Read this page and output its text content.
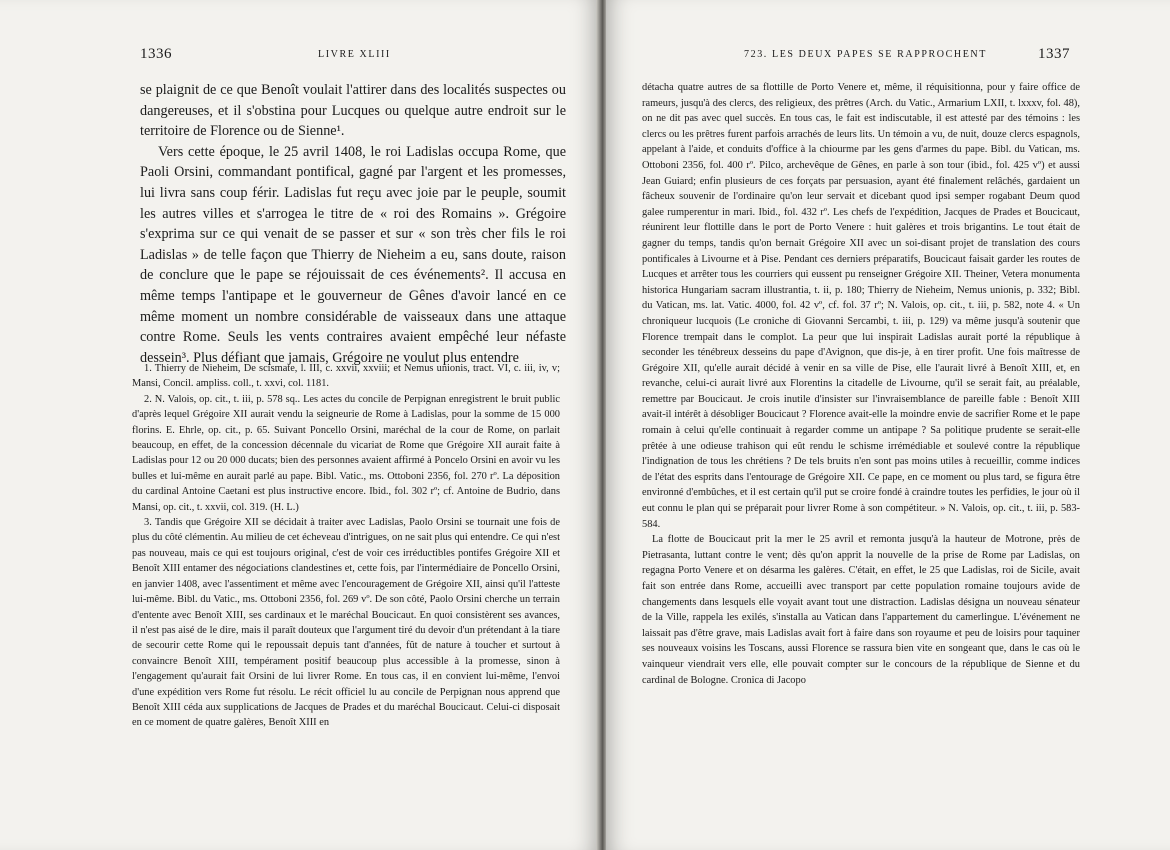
1336	LIVRE XLIII

se plaignit de ce que Benoît voulait l'attirer dans des localités suspectes ou dangereuses, et il s'obstina pour Lucques ou quelque autre endroit sur le territoire de Florence ou de Sienne¹.

Vers cette époque, le 25 avril 1408, le roi Ladislas occupa Rome, que Paoli Orsini, commandant pontifical, gagné par l'argent et les promesses, lui livra sans coup férir. Ladislas fut reçu avec joie par le peuple, soumit les autres villes et s'arrogea le titre de « roi des Romains ». Grégoire s'exprima sur ce qui venait de se passer et sur « son très cher fils le roi Ladislas » de telle façon que Thierry de Nieheim a eu, sans doute, raison de conclure que le pape se réjouissait de ces événements². Il accusa en même temps l'antipape et le gouverneur de Gênes d'avoir lancé en ce même moment un nombre considérable de vaisseaux dans une attaque contre Rome. Seuls les vents contraires avaient empêché leur néfaste dessein³. Plus défiant que jamais, Grégoire ne voulut plus entendre

1. Thierry de Nieheim, De scismate, l. III, c. xxvii, xxviii; et Nemus unionis, tract. VI, c. iii, iv, v; Mansi, Concil. ampliss. coll., t. xxvi, col. 1181.

2. N. Valois, op. cit., t. iii, p. 578 sq.. Les actes du concile de Perpignan enregistrent le bruit public d'après lequel Grégoire XII aurait vendu la seigneurie de Rome à Ladislas, pour la somme de 15 000 florins. E. Ehrle, op. cit., p. 65. Suivant Poncello Orsini, maréchal de la cour de Rome, on parlait beaucoup, en effet, de la concession décennale du vicariat de Rome que Grégoire XII aurait faite à Ladislas pour 12 ou 20 000 ducats; bien des personnes avaient affirmé à Poncelo Orsini en avoir vu les bulles et lui-même en aurait parlé au pape. Bibl. Vatic., ms. Ottoboni 2356, fol. 270 rº. La déposition du cardinal Antoine Caetani est plus instructive encore. Ibid., fol. 302 rº; cf. Antoine de Budrio, dans Mansi, op. cit., t. xxvii, col. 319. (H. L.)

3. Tandis que Grégoire XII se décidait à traiter avec Ladislas, Paolo Orsini se tournait une fois de plus du côté clémentin. Au milieu de cet écheveau d'intrigues, on ne sait plus qui entendre. Ce qui n'est pas nouveau, mais ce qui est toujours original, c'est de voir ces irréductibles pontifes Grégoire XII et Benoît XIII entamer des négociations clandestines et, cette fois, par l'intermédiaire de Poncello Orsini, en janvier 1408, avec l'assentiment et même avec l'encouragement de Grégoire XII, ainsi qu'il l'atteste lui-même. Bibl. du Vatic., ms. Ottoboni 2356, fol. 269 vº. De son côté, Paolo Orsini cherche un terrain d'entente avec Benoît XIII, ses cardinaux et le maréchal Boucicaut. En quoi consistèrent ses avances, il n'est pas aisé de le dire, mais il paraît douteux que l'argument tiré du devoir d'un prétendant à la tiare de secourir cette Rome qui le repoussait depuis tant d'années, fût de nature à toucher et surtout à convaincre Benoît XIII, tempérament positif beaucoup plus accessible à la promesse, sinon à l'engagement qu'aurait fait Orsini de lui livrer Rome. En tous cas, il en convient lui-même, l'envoi d'une expédition vers Rome fut résolu. Le récit officiel lu au concile de Perpignan nous apprend que Benoît XIII céda aux supplications de Jacques de Prades et du maréchal Boucicaut. Celui-ci disposait en ce moment de quatre galères, Benoît XIII en

723. LES DEUX PAPES SE RAPPROCHENT	1337

détacha quatre autres de sa flottille de Porto Venere et, même, il réquisitionna, pour y faire office de rameurs, jusqu'à des clercs, des religieux, des prêtres (Arch. du Vatic., Armarium LXII, t. lxxxv, fol. 48), on ne dit pas avec quel succès. En tous cas, le fait est indiscutable, il est attesté par des témoins : les clercs ou les prêtres furent parfois arrachés de leurs lits. Un témoin a vu, de nuit, douze clercs espagnols, appelant à l'aide, et conduits d'office à la chiourme par les gens d'armes du pape. Bibl. du Vatican, ms. Ottoboni 2356, fol. 400 rº. Pilco, archevêque de Gênes, en parle à son tour (ibid., fol. 425 vº) et aussi Jean Guiard; enfin plusieurs de ces forçats par persuasion, ayant été finalement relâchés, gardaient un fâcheux souvenir de l'ordinaire qu'on leur servait et dicebant quod ipsi semper rogabant Deum quod galee rumperentur in mari. Ibid., fol. 432 rº. Les chefs de l'expédition, Jacques de Prades et Boucicaut, réunirent leur flottille dans le port de Porto Venere : huit galères et trois brigantins. Le tout était de gagner du temps, tandis qu'on bernait Grégoire XII avec un soi-disant projet de translation des cours pontificales à Livourne et à Pise. Pendant ces derniers préparatifs, Boucicaut faisait garder les routes de Lucques et arrêter tous les courriers qui eussent pu renseigner Grégoire XII. Theiner, Vetera monumenta historica Hungariam sacram illustrantia, t. ii, p. 180; Thierry de Nieheim, Nemus unionis, p. 332; Bibl. du Vatican, ms. lat. Vatic. 4000, fol. 42 vº, cf. fol. 37 rº; N. Valois, op. cit., t. iii, p. 582, note 4. « Un chroniqueur lucquois (Le croniche di Giovanni Sercambi, t. iii, p. 129) va même jusqu'à soutenir que Florence trempait dans le complot. La peur que lui inspirait Ladislas aurait porté la république à seconder les ténébreux desseins du pape d'Avignon, que dis-je, à en tirer profit. Une fois maîtresse de Grégoire XII, qu'elle aurait décidé à venir en sa ville de Pise, elle l'aurait livré à Benoît XIII, et, en revanche, celui-ci aurait livré aux Florentins la citadelle de Livourne, qu'il se serait fait, au préalable, remettre par Boucicaut. Je crois inutile d'insister sur l'invraisemblance de pareille fable : Benoît XIII avait-il intérêt à désobliger Boucicaut ? Florence avait-elle la moindre envie de sacrifier Rome et le pape romain à celui qu'elle continuait à regarder comme un antipape ? Sa politique prudente se serait-elle prêtée à une odieuse trahison qui eût rendu le schisme irrémédiable et soulevé contre la république l'indignation de tous les chrétiens ? De tels bruits n'en sont pas moins utiles à recueillir, comme indices de l'état des esprits dans l'entourage de Grégoire XII. Ce pape, en ce moment ou plus tard, se figura être environné d'embûches, et il est certain qu'il put se croire fondé à craindre toutes les perfidies, le jour où il eut connu le plan qui se préparait pour livrer Rome à son compétiteur. » N. Valois, op. cit., t. iii, p. 583-584.

La flotte de Boucicaut prit la mer le 25 avril et remonta jusqu'à la hauteur de Motrone, près de Pietrasanta, luttant contre le vent; dès qu'on apprit la nouvelle de la prise de Rome par Ladislas, on regagna Porto Venere et on désarma les galères. C'était, en effet, le 25 que Ladislas, roi de Sicile, avait fait son entrée dans Rome, accueilli avec transport par cette population romaine toujours avide de changements dans lesquels elle voyait avant tout une distraction. Ladislas désigna un nouveau sénateur de la Ville, rappela les exilés, s'installa au Vatican dans l'appartement du camerlingue. L'événement ne laissait pas d'être grave, mais Ladislas avait fort à faire dans son royaume et peu de loisirs pour taquiner ses nouveaux voisins les Toscans, aussi Florence se rassura bien vite en songeant que, dans le cas où le vainqueur viendrait vers elle, elle pouvait compter sur le concours de la république de Sienne et du cardinal de Bologne. Cronica di Jacopo
